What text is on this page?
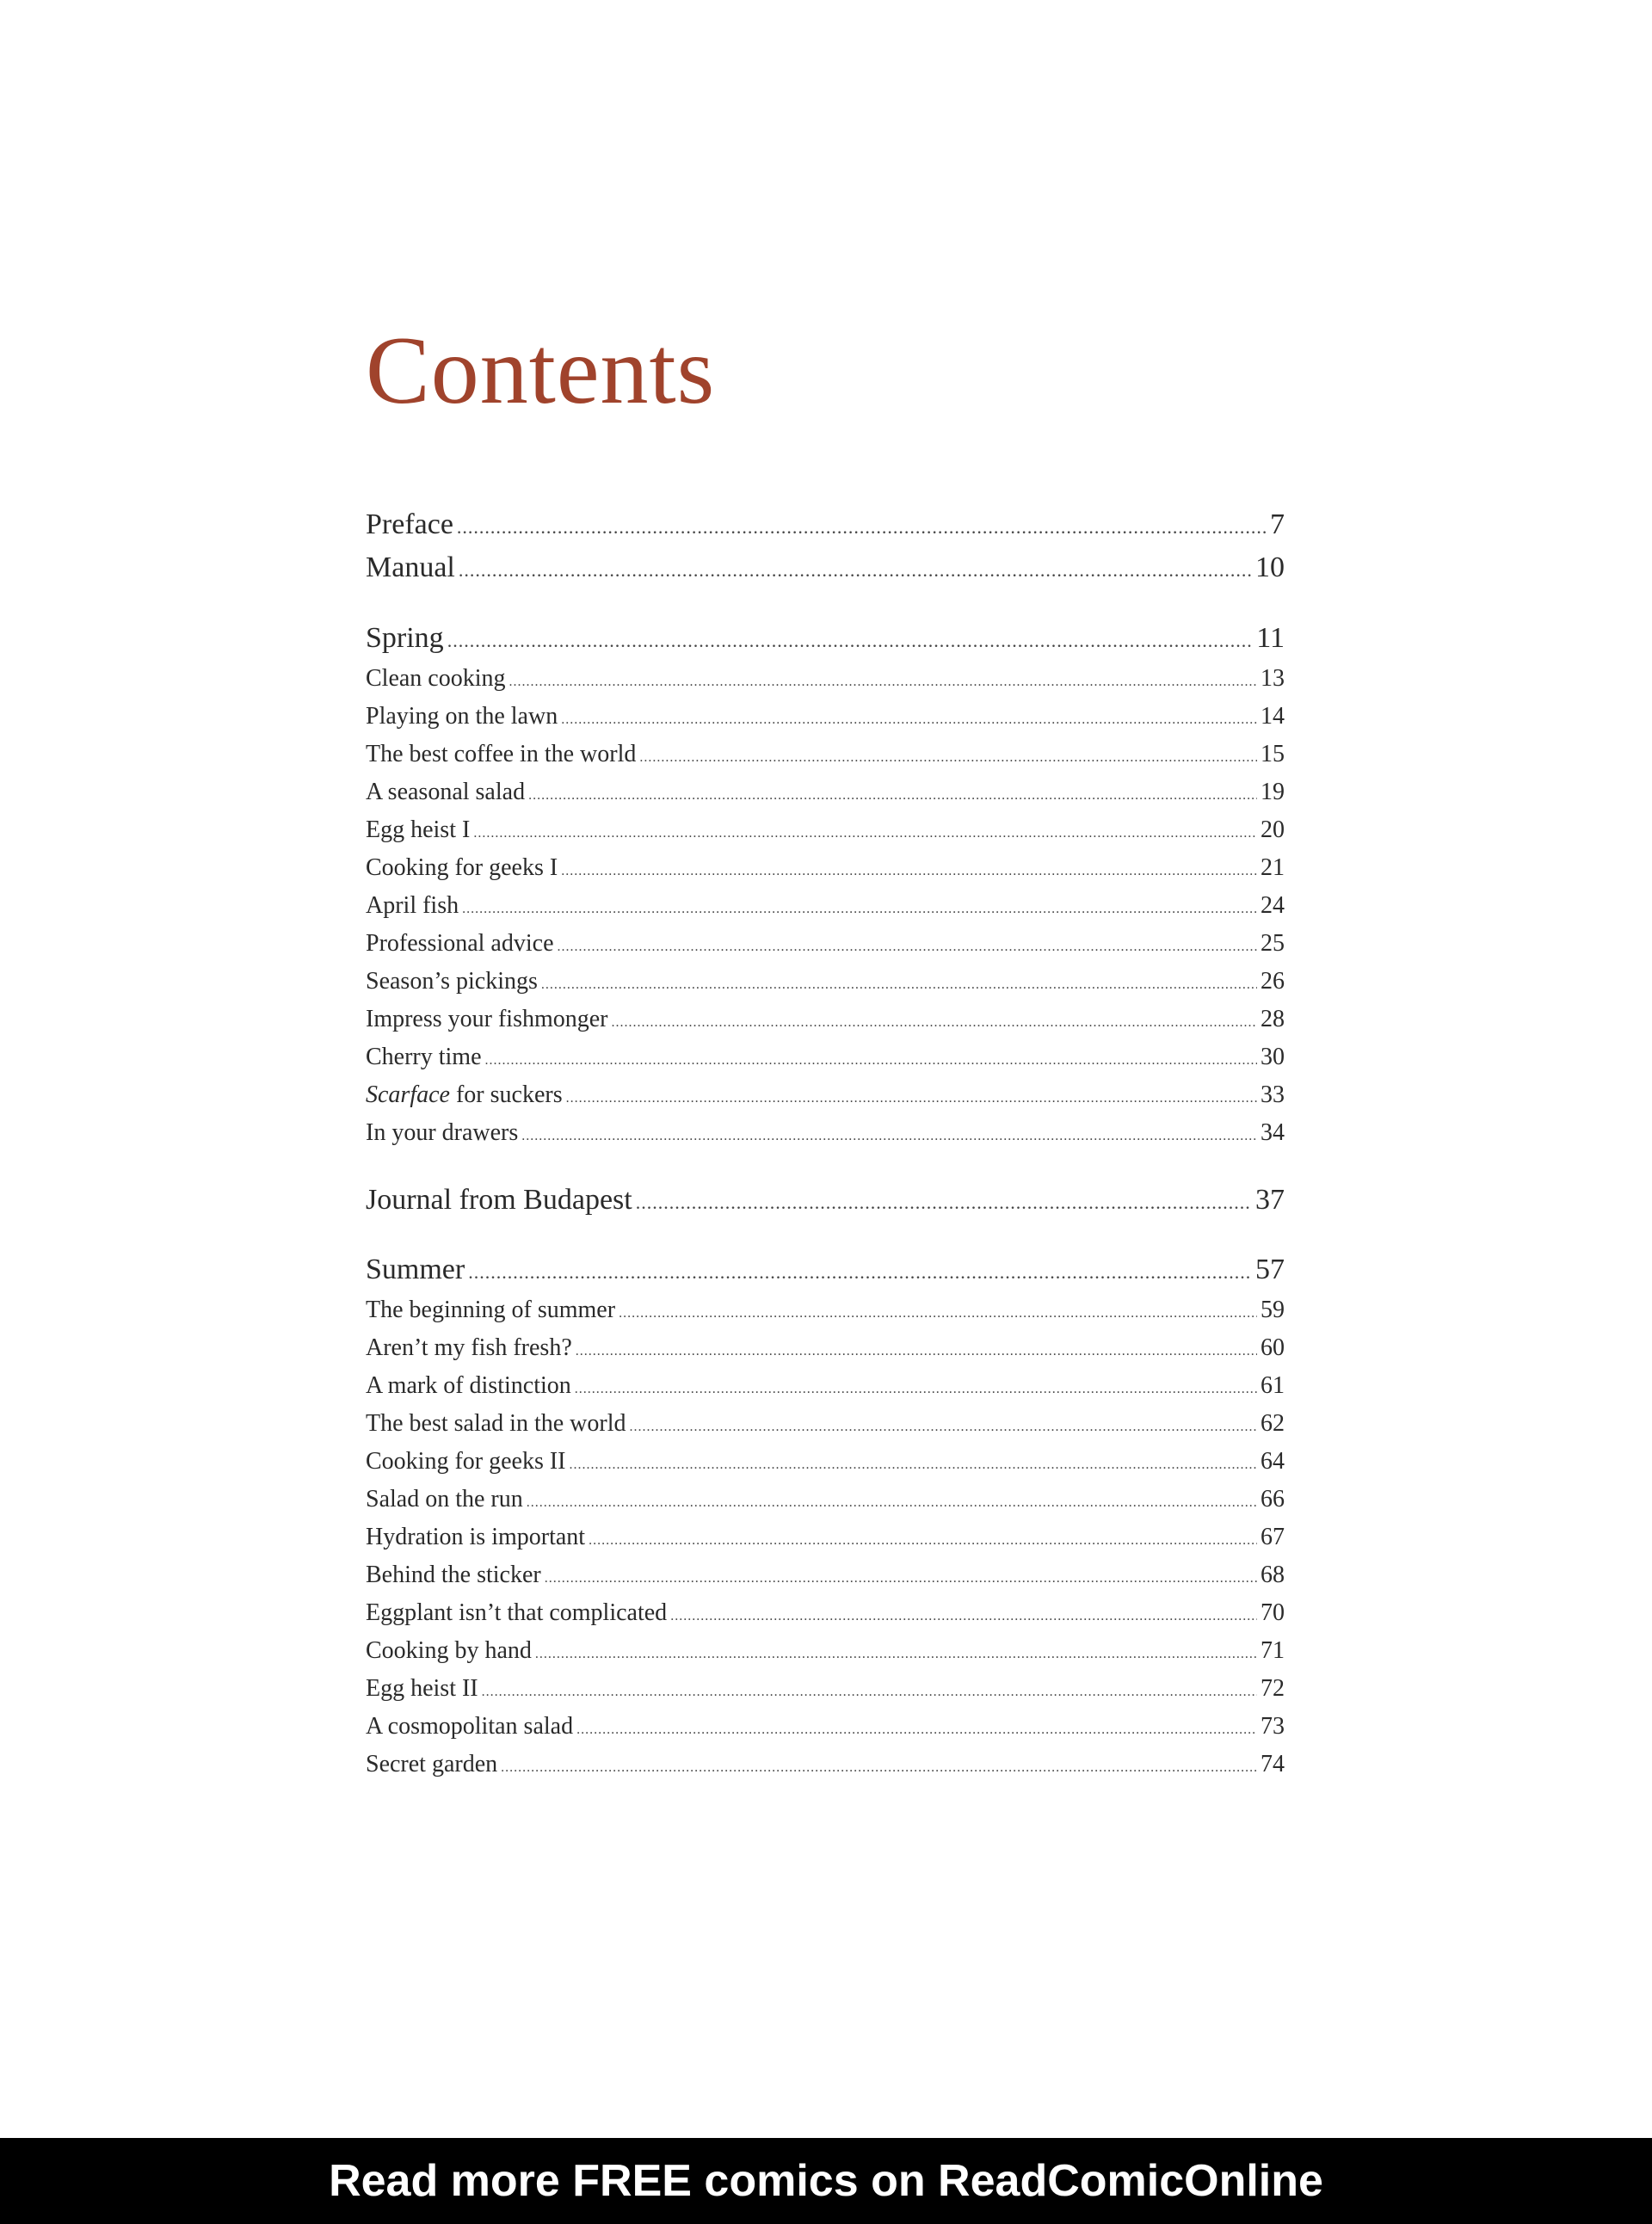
Contents
Preface .....	7
Manual .....	10
Spring .....	11
Clean cooking .....	13
Playing on the lawn .....	14
The best coffee in the world .....	15
A seasonal salad .....	19
Egg heist I .....	20
Cooking for geeks I .....	21
April fish .....	24
Professional advice .....	25
Season’s pickings .....	26
Impress your fishmonger .....	28
Cherry time .....	30
Scarface for suckers .....	33
In your drawers .....	34
Journal from Budapest .....	37
Summer .....	57
The beginning of summer .....	59
Aren’t my fish fresh? .....	60
A mark of distinction .....	61
The best salad in the world .....	62
Cooking for geeks II .....	64
Salad on the run .....	66
Hydration is important .....	67
Behind the sticker .....	68
Eggplant isn’t that complicated .....	70
Cooking by hand .....	71
Egg heist II .....	72
A cosmopolitan salad .....	73
Secret garden .....	74
Read more FREE comics on ReadComicOnline
